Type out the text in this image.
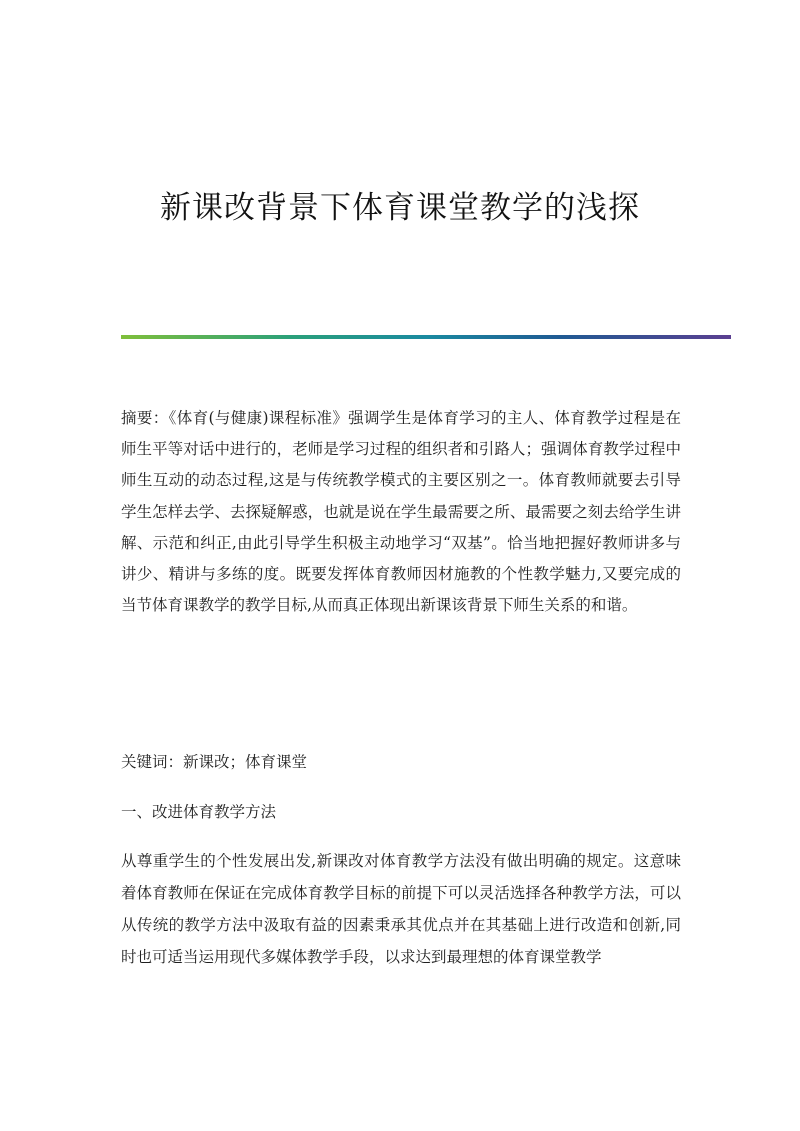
新课改背景下体育课堂教学的浅探
摘要：《体育(与健康)课程标准》强调学生是体育学习的主人、体育教学过程是在师生平等对话中进行的，老师是学习过程的组织者和引路人；强调体育教学过程中师生互动的动态过程,这是与传统教学模式的主要区别之一。体育教师就要去引导学生怎样去学、去探疑解惑，也就是说在学生最需要之所、最需要之刻去给学生讲解、示范和纠正,由此引导学生积极主动地学习“双基”。恰当地把握好教师讲多与讲少、精讲与多练的度。既要发挥体育教师因材施教的个性教学魅力,又要完成的当节体育课教学的教学目标,从而真正体现出新课该背景下师生关系的和谐。
关键词：新课改；体育课堂
一、改进体育教学方法
从尊重学生的个性发展出发,新课改对体育教学方法没有做出明确的规定。这意味着体育教师在保证在完成体育教学目标的前提下可以灵活选择各种教学方法，可以从传统的教学方法中汲取有益的因素秉承其优点并在其基础上进行改造和创新,同时也可适当运用现代多媒体教学手段，以求达到最理想的体育课堂教学
